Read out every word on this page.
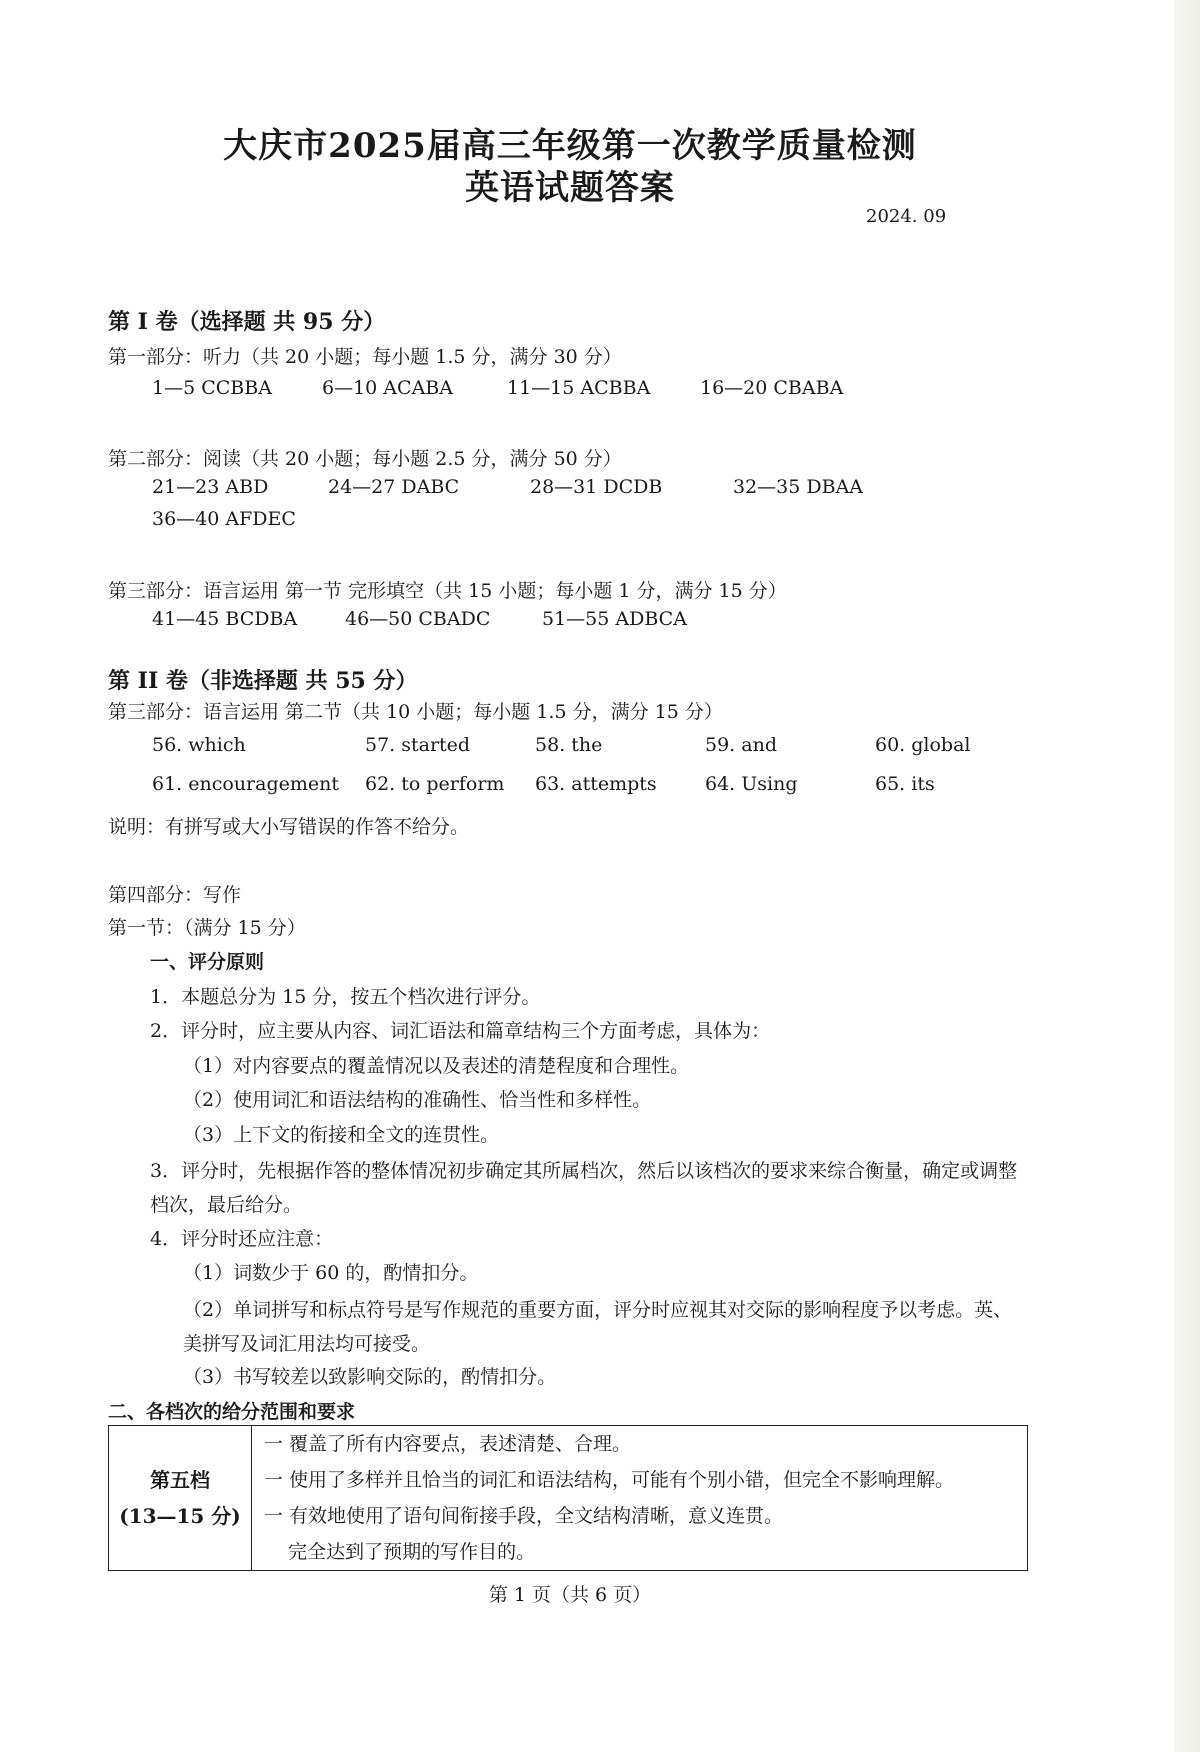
大庆市2025届高三年级第一次教学质量检测
英语试题答案
2024. 09
第 I 卷（选择题 共 95 分）
第一部分：听力（共 20 小题；每小题 1.5 分，满分 30 分）
1—5 CCBBA	6—10 ACABA	11—15 ACBBA	16—20 CBABA
第二部分：阅读（共 20 小题；每小题 2.5 分，满分 50 分）
21—23 ABD	24—27 DABC	28—31 DCDB	32—35 DBAA
36—40 AFDEC
第三部分：语言运用 第一节 完形填空（共 15 小题；每小题 1 分，满分 15 分）
41—45 BCDBA	46—50 CBADC	51—55 ADBCA
第 II 卷（非选择题 共 55 分）
第三部分：语言运用 第二节（共 10 小题；每小题 1.5 分，满分 15 分）
56. which	57. started	58. the	59. and	60. global
61. encouragement 62. to perform 63. attempts	64. Using	65. its
说明：有拼写或大小写错误的作答不给分。
第四部分：写作
第一节：（满分 15 分）
一、评分原则
1．本题总分为 15 分，按五个档次进行评分。
2．评分时，应主要从内容、词汇语法和篇章结构三个方面考虑，具体为：
（1）对内容要点的覆盖情况以及表述的清楚程度和合理性。
（2）使用词汇和语法结构的准确性、恰当性和多样性。
（3）上下文的衔接和全文的连贯性。
3．评分时，先根据作答的整体情况初步确定其所属档次，然后以该档次的要求来综合衡量，确定或调整档次，最后给分。
4．评分时还应注意：
（1）词数少于 60 的，酌情扣分。
（2）单词拼写和标点符号是写作规范的重要方面，评分时应视其对交际的影响程度予以考虑。英、美拼写及词汇用法均可接受。
（3）书写较差以致影响交际的，酌情扣分。
二、各档次的给分范围和要求
第五档
(13—15 分)

一 覆盖了所有内容要点，表述清楚、合理。
一 使用了多样并且恰当的词汇和语法结构，可能有个别小错，但完全不影响理解。
一 有效地使用了语句间衔接手段，全文结构清晰，意义连贯。
完全达到了预期的写作目的。
第 1 页（共 6 页）
